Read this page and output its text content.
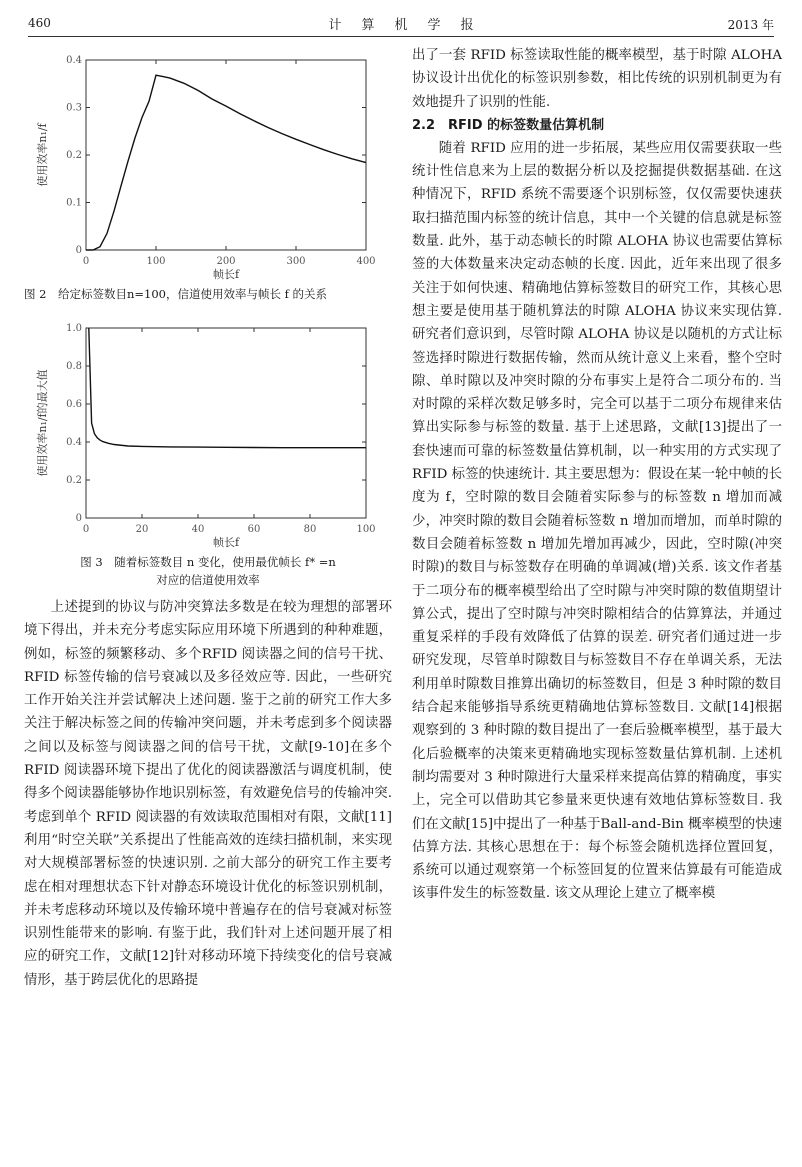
460	计算机学报	2013 年
0	100	200	300	400
0
0.1
0.2
0.3
0.4
帧长f
使用效率n₁/f

图 2　给定标签数目n=100，信道使用效率与帧长 f 的关系

0	20	40	60	80	100
0
0.2
0.4
0.6
0.8
1.0
帧长f
使用效率n₁/f的最大值

图 3　随着标签数目 n 变化，使用最优帧长 f* =n

对应的信道使用效率

上述提到的协议与防冲突算法多数是在较为理想的部署环境下得出，并未充分考虑实际应用环境下所遇到的种种难题，例如，标签的频繁移动、多个RFID 阅读器之间的信号干扰、RFID 标签传输的信号衰减以及多径效应等. 因此，一些研究工作开始关注并尝试解决上述问题. 鉴于之前的研究工作大多关注于解决标签之间的传输冲突问题，并未考虑到多个阅读器之间以及标签与阅读器之间的信号干扰，文献[9-10]在多个 RFID 阅读器环境下提出了优化的阅读器激活与调度机制，使得多个阅读器能够协作地识别标签，有效避免信号的传输冲突. 考虑到单个 RFID 阅读器的有效读取范围相对有限，文献[11]利用“时空关联”关系提出了性能高效的连续扫描机制，来实现对大规模部署标签的快速识别. 之前大部分的研究工作主要考虑在相对理想状态下针对静态环境设计优化的标签识别机制，并未考虑移动环境以及传输环境中普遍存在的信号衰减对标签识别性能带来的影响. 有鉴于此，我们针对上述问题开展了相应的研究工作，文献[12]针对移动环境下持续变化的信号衰减情形，基于跨层优化的思路提

出了一套 RFID 标签读取性能的概率模型，基于时隙 ALOHA 协议设计出优化的标签识别参数，相比传统的识别机制更为有效地提升了识别的性能.

2.2　RFID 的标签数量估算机制

随着 RFID 应用的进一步拓展，某些应用仅需要获取一些统计性信息来为上层的数据分析以及挖掘提供数据基础. 在这种情况下，RFID 系统不需要逐个识别标签，仅仅需要快速获取扫描范围内标签的统计信息，其中一个关键的信息就是标签数量. 此外，基于动态帧长的时隙 ALOHA 协议也需要估算标签的大体数量来决定动态帧的长度. 因此，近年来出现了很多关注于如何快速、精确地估算标签数目的研究工作，其核心思想主要是使用基于随机算法的时隙 ALOHA 协议来实现估算. 研究者们意识到，尽管时隙 ALOHA 协议是以随机的方式让标签选择时隙进行数据传输，然而从统计意义上来看，整个空时隙、单时隙以及冲突时隙的分布事实上是符合二项分布的. 当对时隙的采样次数足够多时，完全可以基于二项分布规律来估算出实际参与标签的数量. 基于上述思路，文献[13]提出了一套快速而可靠的标签数量估算机制，以一种实用的方式实现了RFID 标签的快速统计. 其主要思想为：假设在某一轮中帧的长度为 f，空时隙的数目会随着实际参与的标签数 n 增加而减少，冲突时隙的数目会随着标签数 n 增加而增加，而单时隙的数目会随着标签数 n 增加先增加再减少，因此，空时隙(冲突时隙)的数目与标签数存在明确的单调减(增)关系. 该文作者基于二项分布的概率模型给出了空时隙与冲突时隙的数值期望计算公式，提出了空时隙与冲突时隙相结合的估算算法，并通过重复采样的手段有效降低了估算的误差. 研究者们通过进一步研究发现，尽管单时隙数目与标签数目不存在单调关系，无法利用单时隙数目推算出确切的标签数目，但是 3 种时隙的数目结合起来能够指导系统更精确地估算标签数目. 文献[14]根据观察到的 3 种时隙的数目提出了一套后验概率模型，基于最大化后验概率的决策来更精确地实现标签数量估算机制. 上述机制均需要对 3 种时隙进行大量采样来提高估算的精确度，事实上，完全可以借助其它参量来更快速有效地估算标签数目. 我们在文献[15]中提出了一种基于Ball-and-Bin 概率模型的快速估算方法. 其核心思想在于：每个标签会随机选择位置回复，系统可以通过观察第一个标签回复的位置来估算最有可能造成该事件发生的标签数量. 该文从理论上建立了概率模
